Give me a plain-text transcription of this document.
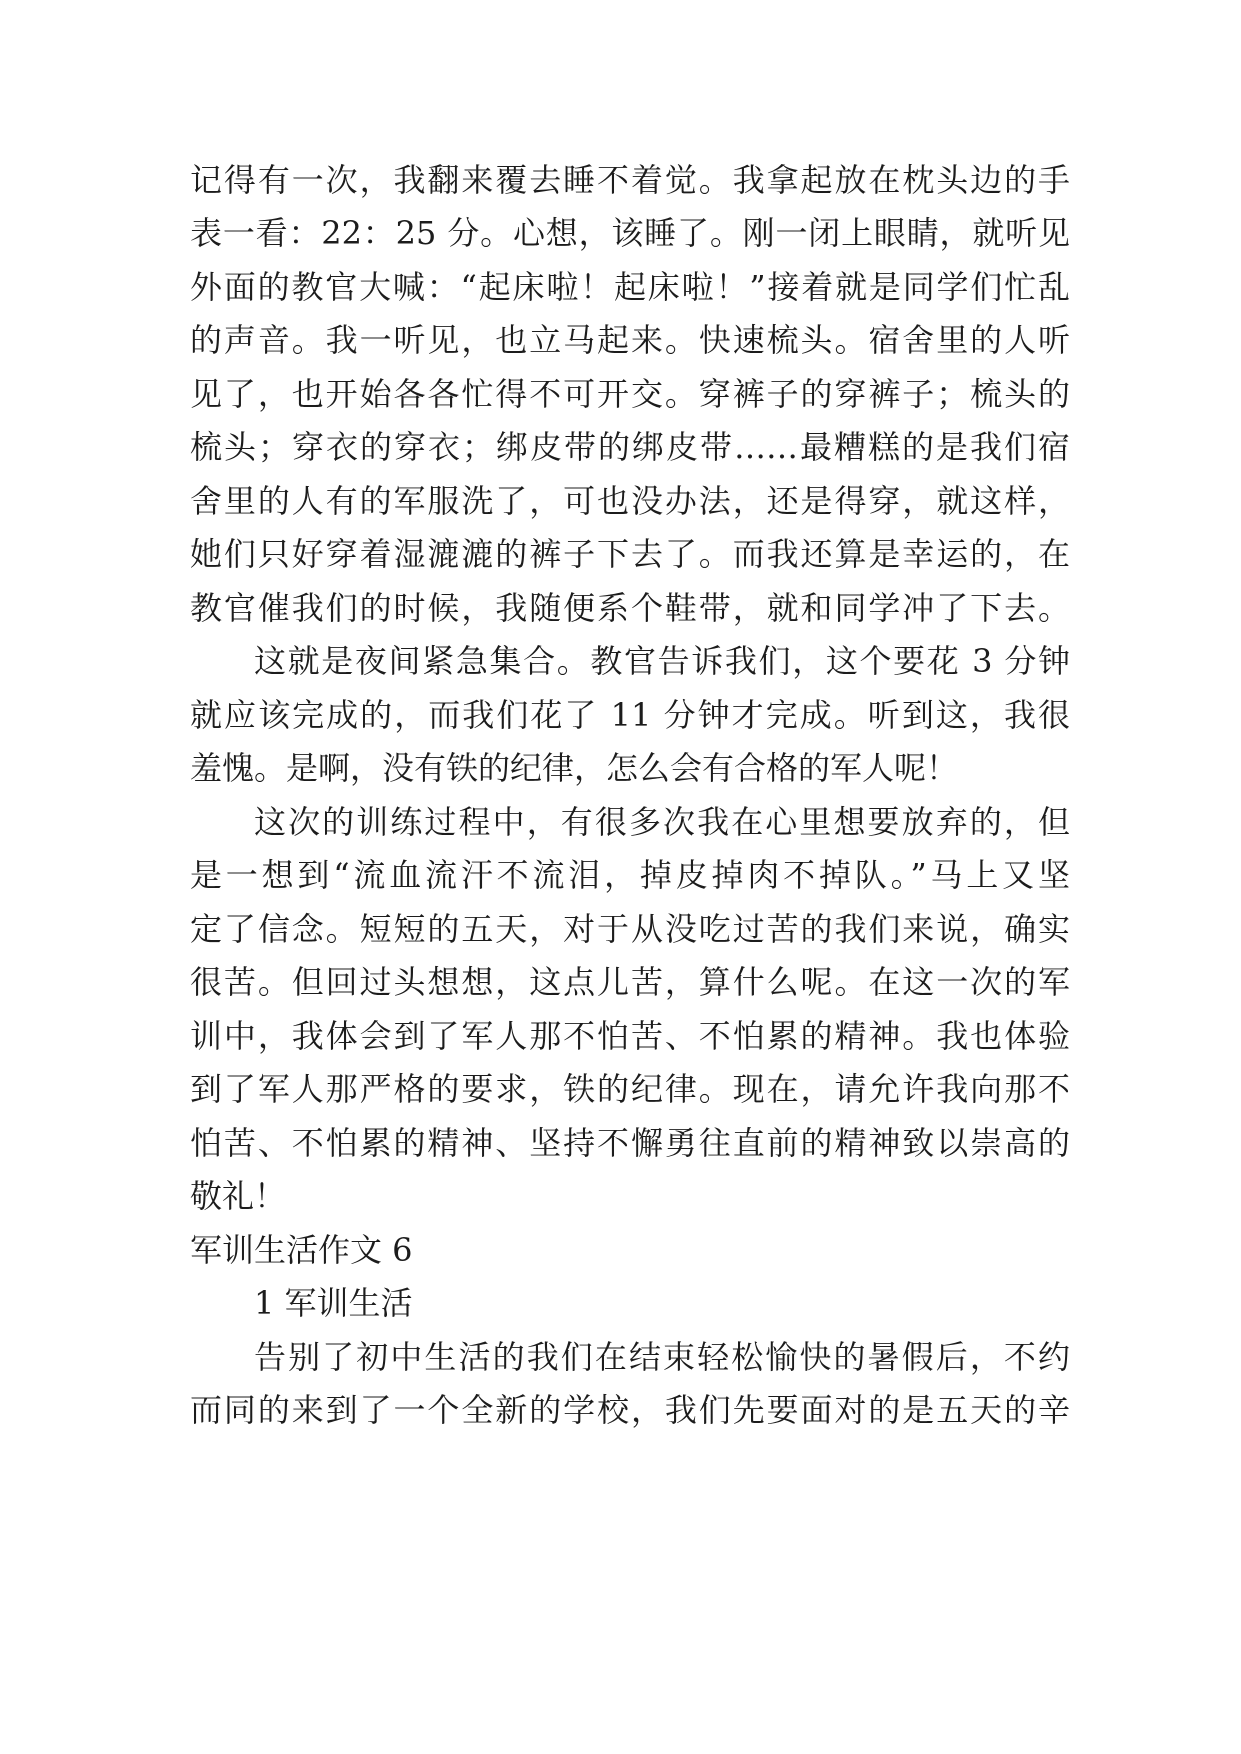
记得有一次，我翻来覆去睡不着觉。我拿起放在枕头边的手

表一看：22：25 分。心想，该睡了。刚一闭上眼睛，就听见

外面的教官大喊：“起床啦！起床啦！”接着就是同学们忙乱

的声音。我一听见，也立马起来。快速梳头。宿舍里的人听

见了，也开始各各忙得不可开交。穿裤子的穿裤子；梳头的

梳头；穿衣的穿衣；绑皮带的绑皮带……最糟糕的是我们宿

舍里的人有的军服洗了，可也没办法，还是得穿，就这样，

她们只好穿着湿漉漉的裤子下去了。而我还算是幸运的，在

教官催我们的时候，我随便系个鞋带，就和同学冲了下去。

这就是夜间紧急集合。教官告诉我们，这个要花 3 分钟

就应该完成的，而我们花了 11 分钟才完成。听到这，我很

羞愧。是啊，没有铁的纪律，怎么会有合格的军人呢！

这次的训练过程中，有很多次我在心里想要放弃的，但

是一想到“流血流汗不流泪，掉皮掉肉不掉队。”马上又坚

定了信念。短短的五天，对于从没吃过苦的我们来说，确实

很苦。但回过头想想，这点儿苦，算什么呢。在这一次的军

训中，我体会到了军人那不怕苦、不怕累的精神。我也体验

到了军人那严格的要求，铁的纪律。现在，请允许我向那不

怕苦、不怕累的精神、坚持不懈勇往直前的精神致以崇高的

敬礼！

军训生活作文 6

1 军训生活

告别了初中生活的我们在结束轻松愉快的暑假后，不约

而同的来到了一个全新的学校，我们先要面对的是五天的辛
